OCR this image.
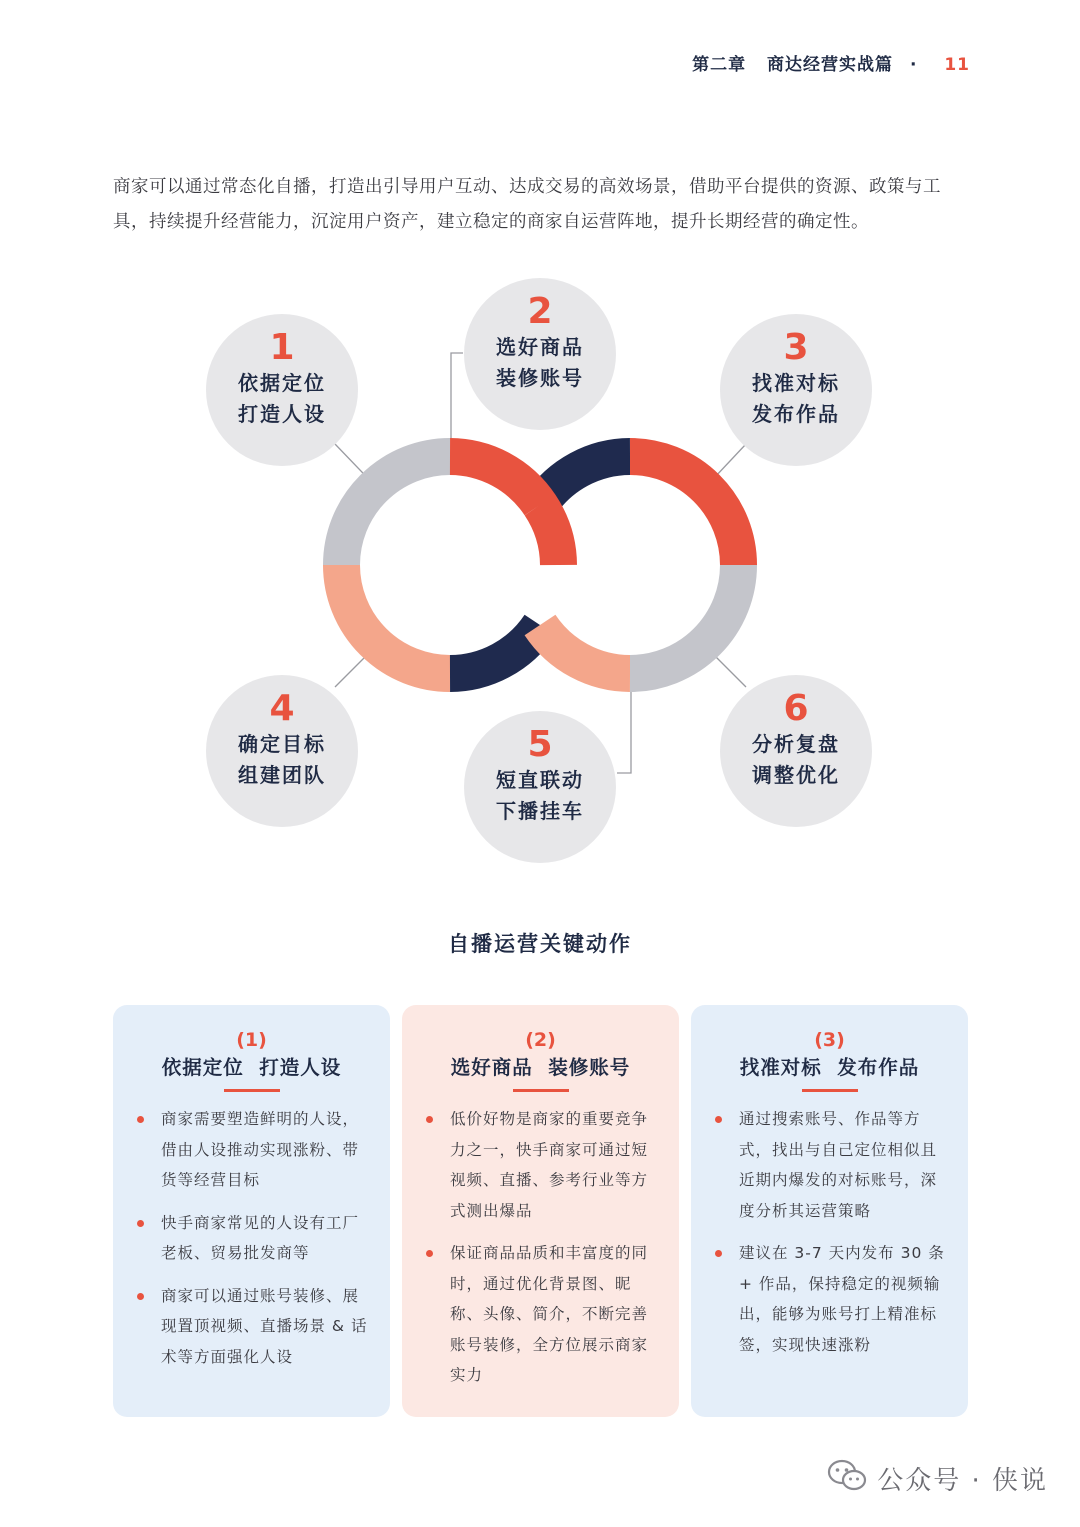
第二章 商达经营实战篇 · 11
商家可以通过常态化自播，打造出引导用户互动、达成交易的高效场景，借助平台提供的资源、政策与工具，持续提升经营能力，沉淀用户资产，建立稳定的商家自运营阵地，提升长期经营的确定性。
1
依据定位
打造人设
2
选好商品
装修账号
3
找准对标
发布作品
4
确定目标
组建团队
5
短直联动
下播挂车
6
分析复盘
调整优化
自播运营关键动作
(1)
依据定位  打造人设
商家需要塑造鲜明的人设，借由人设推动实现涨粉、带货等经营目标
快手商家常见的人设有工厂老板、贸易批发商等
商家可以通过账号装修、展现置顶视频、直播场景 & 话术等方面强化人设
(2)
选好商品  装修账号
低价好物是商家的重要竞争力之一，快手商家可通过短视频、直播、参考行业等方式测出爆品
保证商品品质和丰富度的同时，通过优化背景图、昵称、头像、简介，不断完善账号装修，全方位展示商家实力
(3)
找准对标  发布作品
通过搜索账号、作品等方式，找出与自己定位相似且近期内爆发的对标账号，深度分析其运营策略
建议在 3-7 天内发布 30 条 + 作品，保持稳定的视频输出，能够为账号打上精准标签，实现快速涨粉
公众号 · 侠说
